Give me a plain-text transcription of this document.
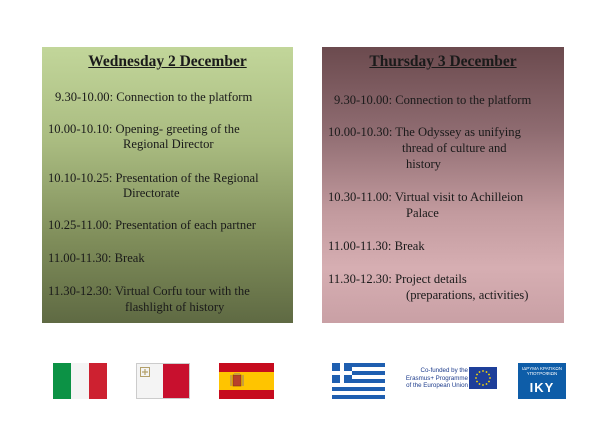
Wednesday 2 December
9.30-10.00: Connection to the platform
10.00-10.10: Opening- greeting of the
Regional Director
10.10-10.25: Presentation of the Regional
Directorate
10.25-11.00: Presentation of each partner
11.00-11.30: Break
11.30-12.30: Virtual Corfu tour with the
flashlight of history
Thursday 3 December
9.30-10.00: Connection to the platform
10.00-10.30: The Odyssey as unifying
thread of culture and
history
10.30-11.00: Virtual visit to Achilleion
Palace
11.00-11.30: Break
11.30-12.30: Project details
(preparations, activities)
Co-funded by the
Erasmus+ Programme
of the European Union
ΙΔΡΥΜΑ ΚΡΑΤΙΚΩΝ ΥΠΟΤΡΟΦΙΩΝ
IKY
